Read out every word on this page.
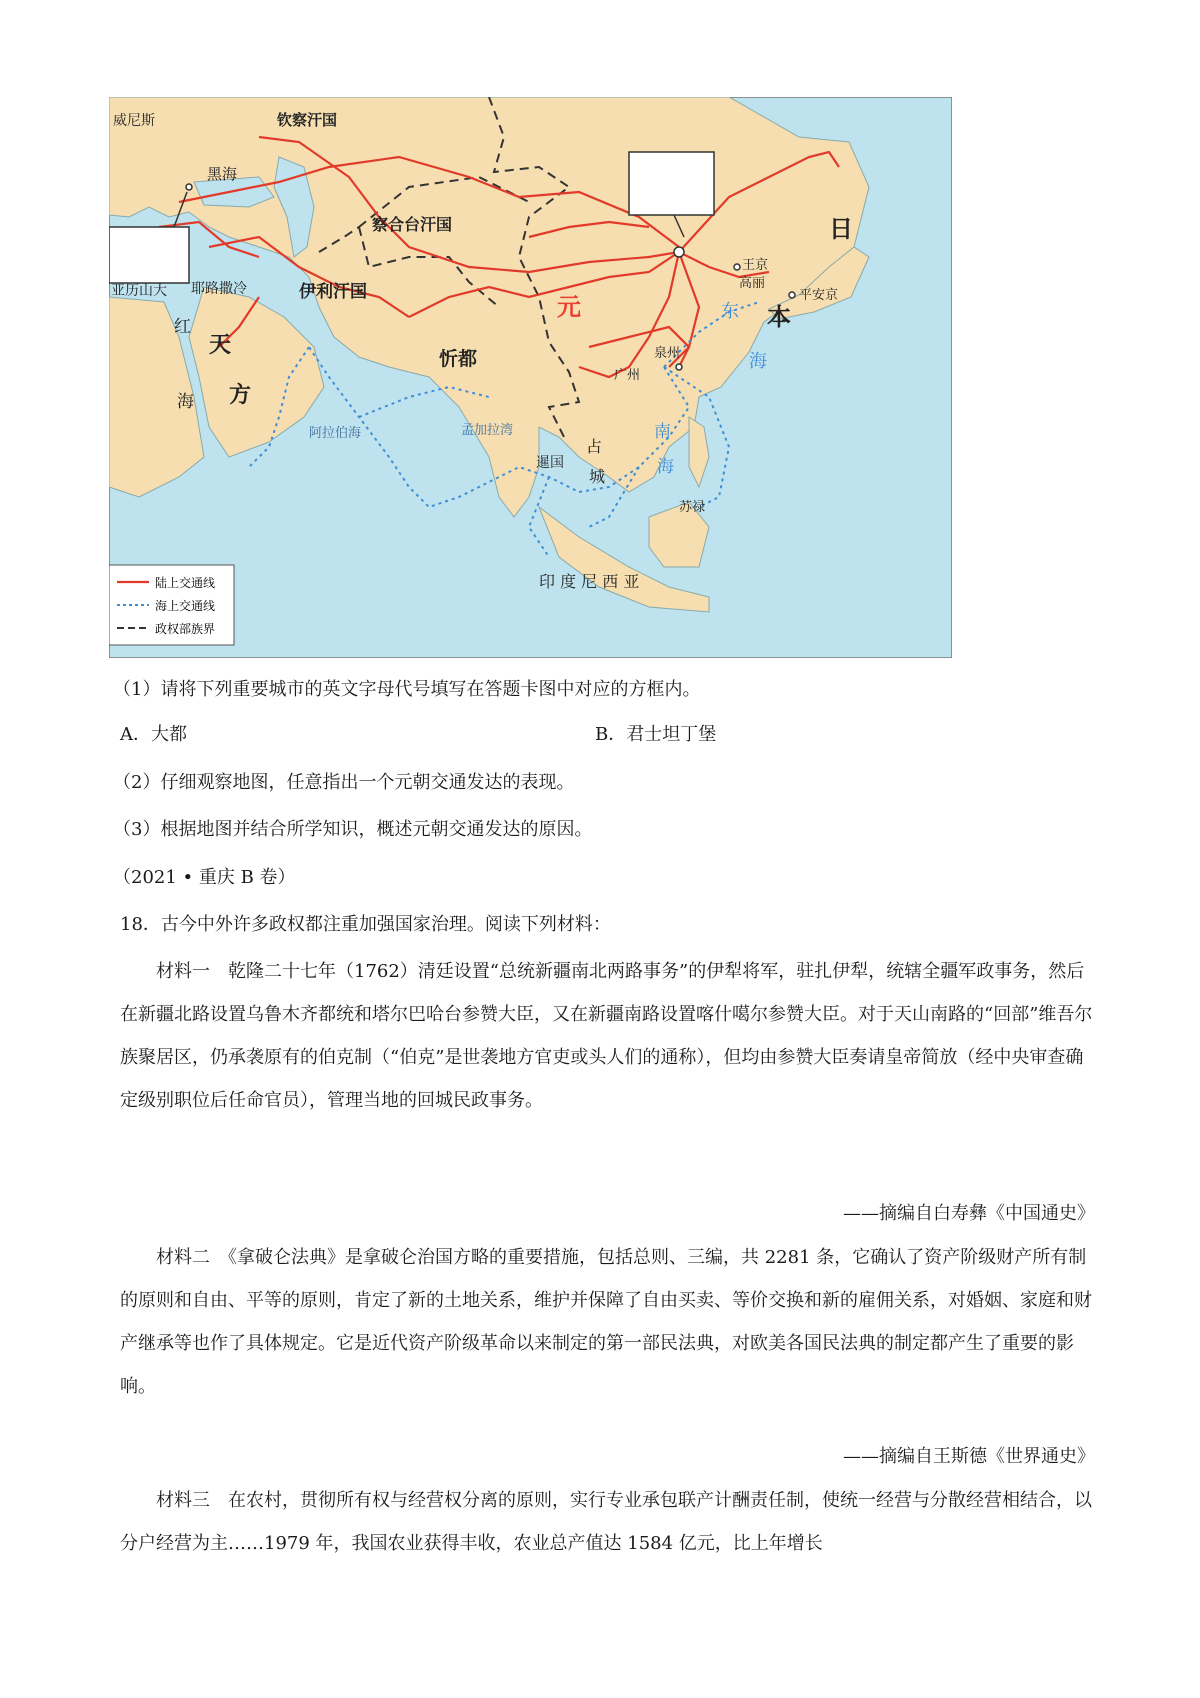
威尼斯	钦察汗国
黑海
察合台汗国
伊利汗国
耶路撒冷
亚历山大
元
王京
高丽
平安京
日
本
东
海
泉州
广州
红
海
天
方
忻都
阿拉伯海	孟加拉湾
暹国
占
城
南
海
苏禄
印 度 尼 西 亚
陆上交通线
海上交通线
政权部族界
（1）请将下列重要城市的英文字母代号填写在答题卡图中对应的方框内。
A．大都	B．君士坦丁堡
（2）仔细观察地图，任意指出一个元朝交通发达的表现。
（3）根据地图并结合所学知识，概述元朝交通发达的原因。
（2021 • 重庆 B 卷）
18．古今中外许多政权都注重加强国家治理。阅读下列材料：
材料一　乾隆二十七年（1762）清廷设置“总统新疆南北两路事务”的伊犁将军，驻扎伊犁，统辖全疆军政事务，然后在新疆北路设置乌鲁木齐都统和塔尔巴哈台参赞大臣，又在新疆南路设置喀什噶尔参赞大臣。对于天山南路的“回部”维吾尔族聚居区，仍承袭原有的伯克制（“伯克”是世袭地方官吏或头人们的通称），但均由参赞大臣奏请皇帝简放（经中央审查确定级别职位后任命官员），管理当地的回城民政事务。
——摘编自白寿彝《中国通史》
材料二　《拿破仑法典》是拿破仑治国方略的重要措施，包括总则、三编，共 2281 条，它确认了资产阶级财产所有制的原则和自由、平等的原则，肯定了新的土地关系，维护并保障了自由买卖、等价交换和新的雇佣关系，对婚姻、家庭和财产继承等也作了具体规定。它是近代资产阶级革命以来制定的第一部民法典，对欧美各国民法典的制定都产生了重要的影响。
——摘编自王斯德《世界通史》
材料三　在农村，贯彻所有权与经营权分离的原则，实行专业承包联产计酬责任制，使统一经营与分散经营相结合，以分户经营为主……1979 年，我国农业获得丰收，农业总产值达 1584 亿元，比上年增长
